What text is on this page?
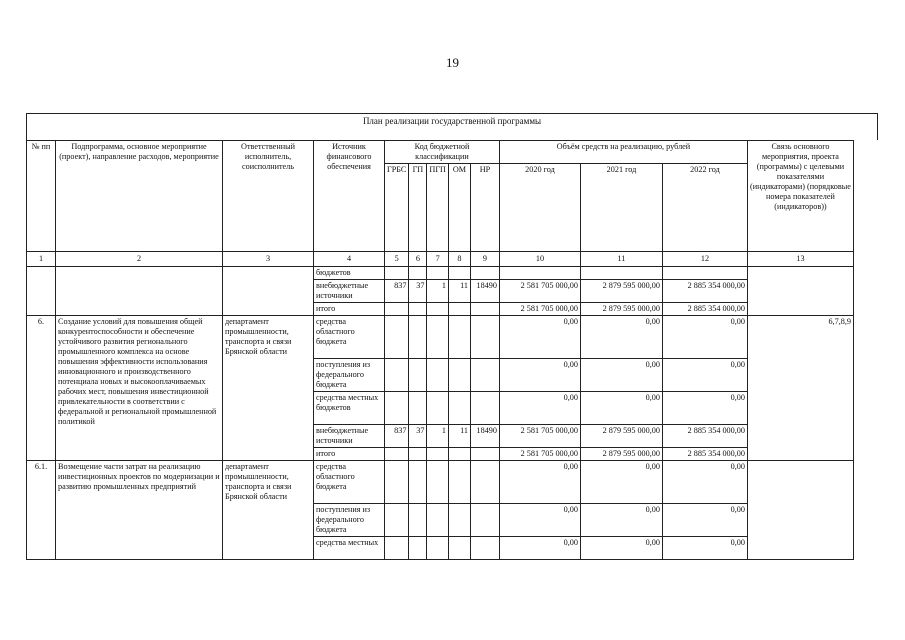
19
План реализации государственной программы
№ пп	Подпрограмма, основное мероприятие (проект), направление расходов, мероприятие	Ответственный исполнитель, соисполнитель	Источник финансового обеспечения	Код бюджетной классификации					Объём средств на реализацию, рублей			Связь основного мероприятия, проекта (программы) с целевыми показателями (индикаторами) (порядковые номера показателей (индикаторов))
				ГРБС	ГП	ПГП	ОМ	НР	2020 год	2021 год	2022 год	
1	2	3	4	5	6	7	8	9	10	11	12	13
			бюджетов									
			внебюджетные источники	837	37	1	11	18490	2 581 705 000,00	2 879 595 000,00	2 885 354 000,00	
			итого						2 581 705 000,00	2 879 595 000,00	2 885 354 000,00	
6.	Создание условий для повышения общей конкурентоспособности и обеспечение устойчивого развития регионального промышленного комплекса на основе повышения эффективности использования инновационного и производственного потенциала новых и высокооплачиваемых рабочих мест, повышения инвестиционной привлекательности в соответствии с федеральной и региональной промышленной политикой	департамент промышленности, транспорта и связи Брянской области	средства областного бюджета						0,00	0,00	0,00	6,7,8,9
			поступления из федерального бюджета						0,00	0,00	0,00	
			средства местных бюджетов						0,00	0,00	0,00	
			внебюджетные источники	837	37	1	11	18490	2 581 705 000,00	2 879 595 000,00	2 885 354 000,00	
			итого						2 581 705 000,00	2 879 595 000,00	2 885 354 000,00	
6.1.	Возмещение части затрат на реализацию инвестиционных проектов по модернизации и развитию промышленных предприятий	департамент промышленности, транспорта и связи Брянской области	средства областного бюджета						0,00	0,00	0,00	
			поступления из федерального бюджета						0,00	0,00	0,00	
			средства местных						0,00	0,00	0,00	
